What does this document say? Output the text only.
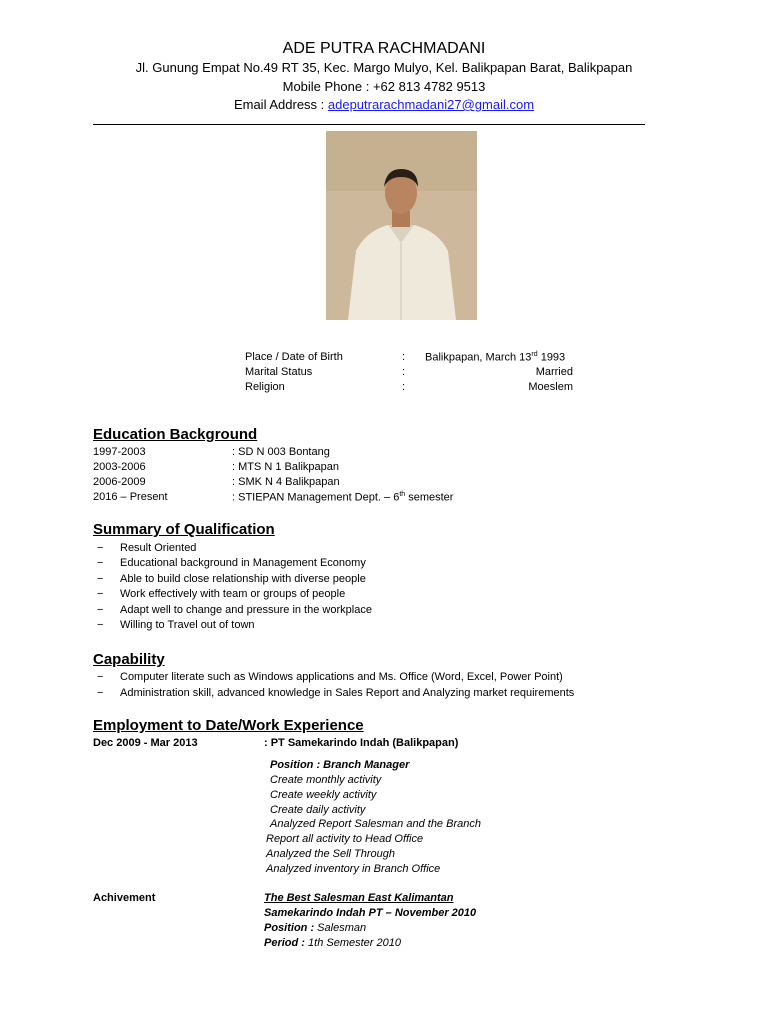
ADE PUTRA RACHMADANI
Jl. Gunung Empat No.49 RT 35, Kec. Margo Mulyo, Kel. Balikpapan Barat, Balikpapan
Mobile Phone : +62 813 4782 9513
Email Address : adeputrarachmadani27@gmail.com
Place / Date of Birth	: Balikpapan, March 13rd 1993
Marital Status	:	Married
Religion	:	Moeslem
Education Background
1997-2003	: SD N 003 Bontang
2003-2006	: MTS N 1 Balikpapan
2006-2009	: SMK N 4 Balikpapan
2016 – Present	: STIEPAN Management Dept. – 6th semester
Summary of Qualification
− Result Oriented
− Educational background in Management Economy
− Able to build close relationship with diverse people
− Work effectively with team or groups of people
− Adapt well to change and pressure in the workplace
− Willing to Travel out of town
Capability
− Computer literate such as Windows applications and Ms. Office (Word, Excel, Power Point)
− Administration skill, advanced knowledge in Sales Report and Analyzing market requirements
Employment to Date/Work Experience
Dec 2009 - Mar 2013	: PT Samekarindo Indah (Balikpapan)
Position : Branch Manager
Create monthly activity
Create weekly activity
Create daily activity
Analyzed Report Salesman and the Branch
Report all activity to Head Office
Analyzed the Sell Through
Analyzed inventory in Branch Office
Achivement	The Best Salesman East Kalimantan
Samekarindo Indah PT – November 2010
Position : Salesman
Period : 1th Semester 2010
